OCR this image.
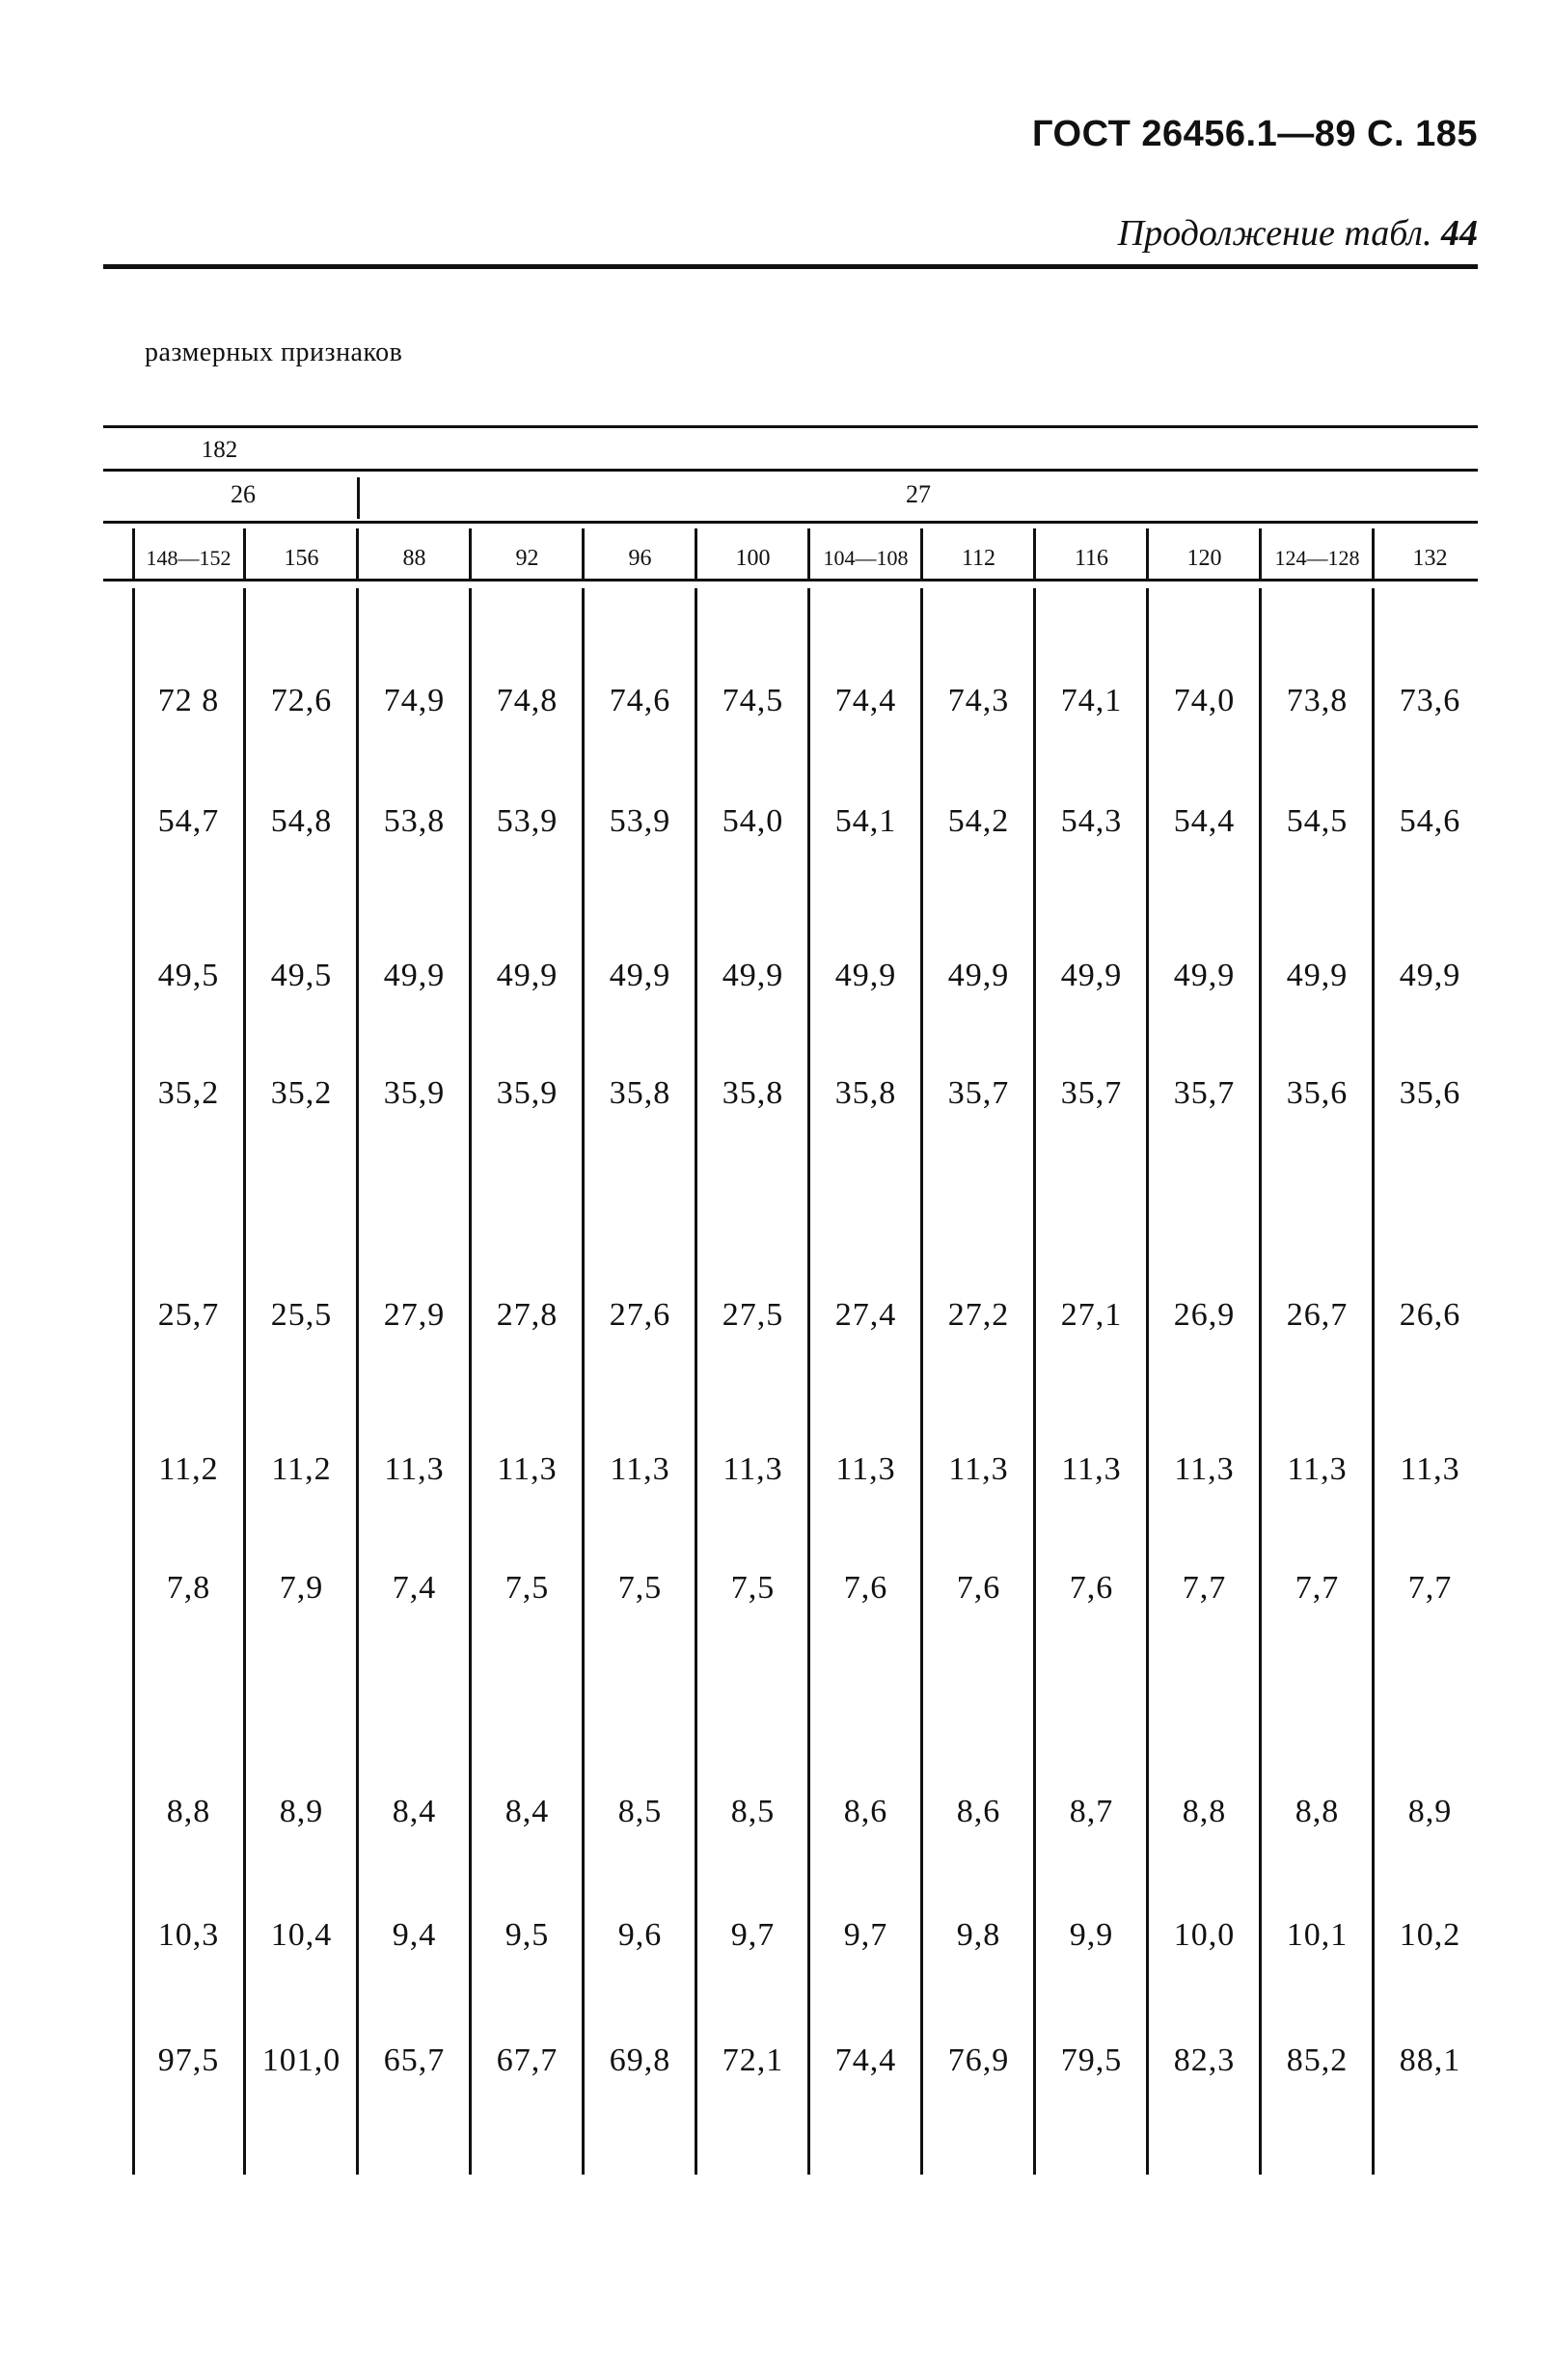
ГОСТ 26456.1—89 С. 185
Продолжение табл. 44
размерных признаков
182
26	27
148—152	156	88	92	96	100	104—108	112	116	120	124—128	132
72 8	72,6	74,9	74,8	74,6	74,5	74,4	74,3	74,1	74,0	73,8	73,6
54,7	54,8	53,8	53,9	53,9	54,0	54,1	54,2	54,3	54,4	54,5	54,6
49,5	49,5	49,9	49,9	49,9	49,9	49,9	49,9	49,9	49,9	49,9	49,9
35,2	35,2	35,9	35,9	35,8	35,8	35,8	35,7	35,7	35,7	35,6	35,6
25,7	25,5	27,9	27,8	27,6	27,5	27,4	27,2	27,1	26,9	26,7	26,6
11,2	11,2	11,3	11,3	11,3	11,3	11,3	11,3	11,3	11,3	11,3	11,3
7,8	7,9	7,4	7,5	7,5	7,5	7,6	7,6	7,6	7,7	7,7	7,7
8,8	8,9	8,4	8,4	8,5	8,5	8,6	8,6	8,7	8,8	8,8	8,9
10,3	10,4	9,4	9,5	9,6	9,7	9,7	9,8	9,9	10,0	10,1	10,2
97,5	101,0	65,7	67,7	69,8	72,1	74,4	76,9	79,5	82,3	85,2	88,1
